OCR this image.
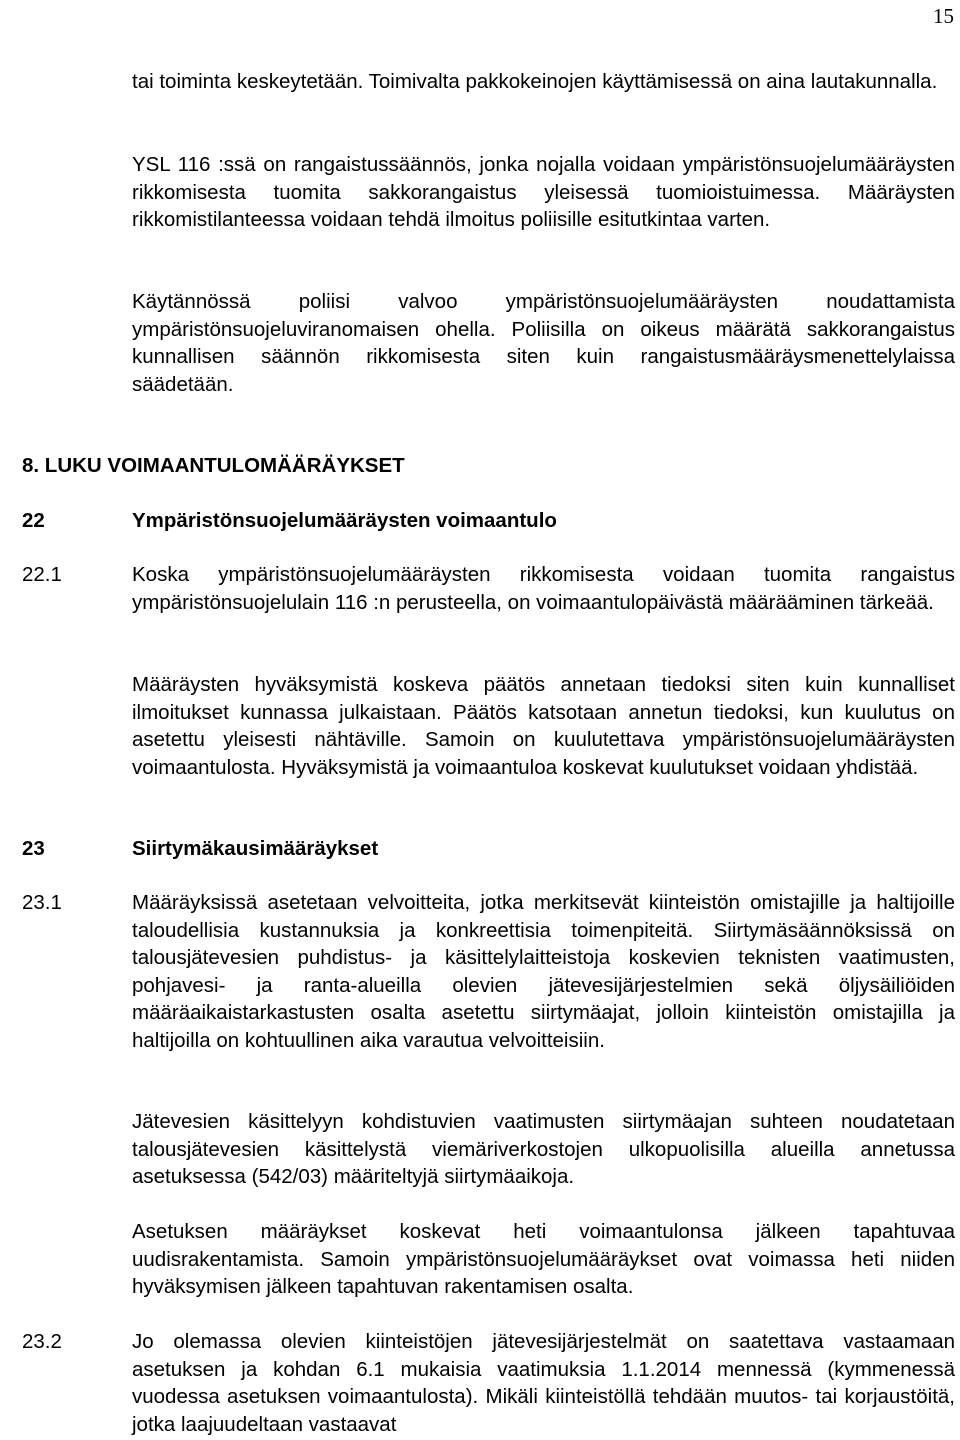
15

tai toiminta keskeytetään. Toimivalta pakkokeinojen käyttämisessä on aina lautakunnalla.

YSL 116 :ssä on rangaistussäännös, jonka nojalla voidaan ympäristönsuojelumääräysten rikkomisesta tuomita sakkorangaistus yleisessä tuomioistuimessa. Määräysten rikkomistilanteessa voidaan tehdä ilmoitus poliisille esitutkintaa varten.

Käytännössä poliisi valvoo ympäristönsuojelumääräysten noudattamista ympäristönsuojeluviranomaisen ohella. Poliisilla on oikeus määrätä sakkorangaistus kunnallisen säännön rikkomisesta siten kuin rangaistusmääräysmenettelylaissa säädetään.

8. LUKU VOIMAANTULOMÄÄRÄYKSET
22	Ympäristönsuojelumääräysten voimaantulo
22.1	Koska ympäristönsuojelumääräysten rikkomisesta voidaan tuomita rangaistus ympäristönsuojelulain 116 :n perusteella, on voimaantulopäivästä määrääminen tärkeää.

Määräysten hyväksymistä koskeva päätös annetaan tiedoksi siten kuin kunnalliset ilmoitukset kunnassa julkaistaan. Päätös katsotaan annetun tiedoksi, kun kuulutus on asetettu yleisesti nähtäville. Samoin on kuulutettava ympäristönsuojelumääräysten voimaantulosta. Hyväksymistä ja voimaantuloa koskevat kuulutukset voidaan yhdistää.

23	Siirtymäkausimääräykset
23.1	Määräyksissä asetetaan velvoitteita, jotka merkitsevät kiinteistön omistajille ja haltijoille taloudellisia kustannuksia ja konkreettisia toimenpiteitä. Siirtymäsäännöksissä on talousjätevesien puhdistus- ja käsittelylaitteistoja koskevien teknisten vaatimusten, pohjavesi- ja ranta-alueilla olevien jätevesijärjestelmien sekä öljysäiliöiden määräaikaistarkastusten osalta asetettu siirtymäajat, jolloin kiinteistön omistajilla ja haltijoilla on kohtuullinen aika varautua velvoitteisiin.

Jätevesien käsittelyyn kohdistuvien vaatimusten siirtymäajan suhteen noudatetaan talousjätevesien käsittelystä viemäriverkostojen ulkopuolisilla alueilla annetussa asetuksessa (542/03) määriteltyjä siirtymäaikoja.

Asetuksen määräykset koskevat heti voimaantulonsa jälkeen tapahtuvaa uudisrakentamista. Samoin ympäristönsuojelumääräykset ovat voimassa heti niiden hyväksymisen jälkeen tapahtuvan rakentamisen osalta.

23.2	Jo olemassa olevien kiinteistöjen jätevesijärjestelmät on saatettava vastaamaan asetuksen ja kohdan 6.1 mukaisia vaatimuksia 1.1.2014 mennessä (kymmenessä vuodessa asetuksen voimaantulosta). Mikäli kiinteistöllä tehdään muutos- tai korjaustöitä, jotka laajuudeltaan vastaavat
